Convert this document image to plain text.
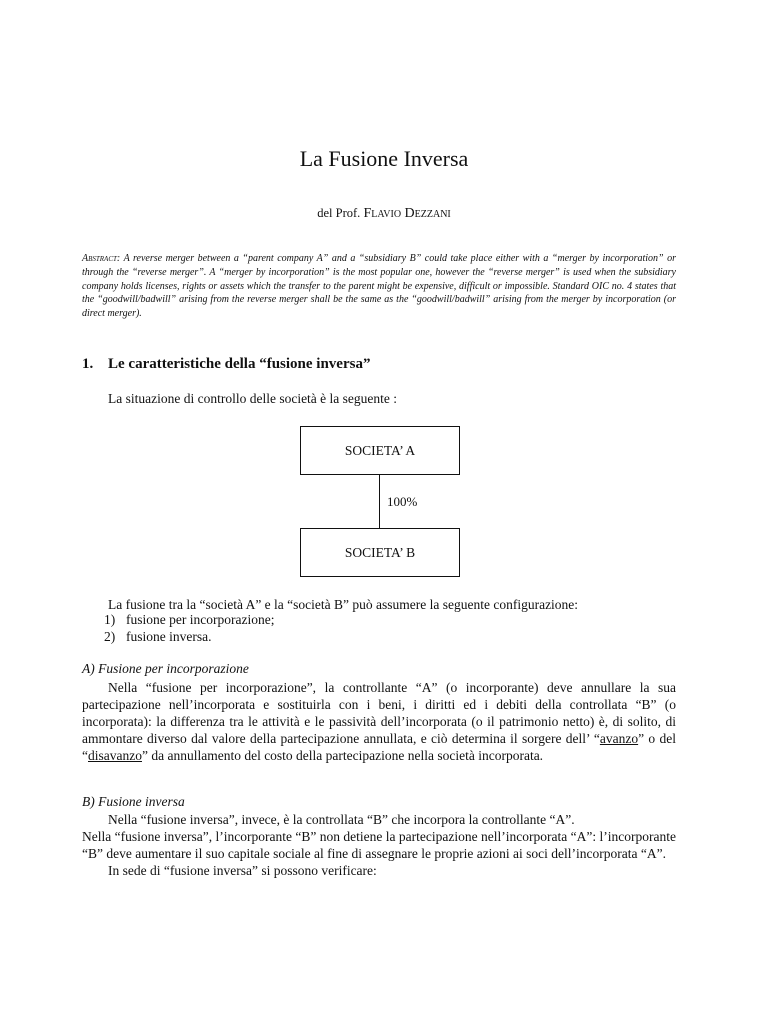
La Fusione Inversa
del Prof. Flavio Dezzani
Abstract: A reverse merger between a “parent company A” and a “subsidiary B” could take place either with a “merger by incorporation” or through the “reverse merger”. A “merger by incorporation” is the most popular one, however the “reverse merger” is used when the subsidiary company holds licenses, rights or assets which the transfer to the parent might be expensive, difficult or impossible. Standard OIC no. 4 states that the “goodwill/badwill” arising from the reverse merger shall be the same as the “goodwill/badwill” arising from the merger by incorporation (or direct merger).
1. Le caratteristiche della “fusione inversa”
La situazione di controllo delle società è la seguente :
SOCIETA’ A
100%
SOCIETA’ B
La fusione tra la “società A” e la “società B” può assumere la seguente configurazione:
1) fusione per incorporazione;
2) fusione inversa.
A) Fusione per incorporazione

Nella “fusione per incorporazione”, la controllante “A” (o incorporante) deve annullare la sua partecipazione nell’incorporata e sostituirla con i beni, i diritti ed i debiti della controllata “B” (o incorporata): la differenza tra le attività e le passività dell’incorporata (o il patrimonio netto) è, di solito, di ammontare diverso dal valore della partecipazione annullata, e ciò determina il sorgere dell’ “avanzo” o del “disavanzo” da annullamento del costo della partecipazione nella società incorporata.

B) Fusione inversa

Nella “fusione inversa”, invece, è la controllata “B” che incorpora la controllante “A”.

Nella “fusione inversa”, l’incorporante “B” non detiene la partecipazione nell’incorporata “A”: l’incorporante “B” deve aumentare il suo capitale sociale al fine di assegnare le proprie azioni ai soci dell’incorporata “A”.

In sede di “fusione inversa” si possono verificare:
